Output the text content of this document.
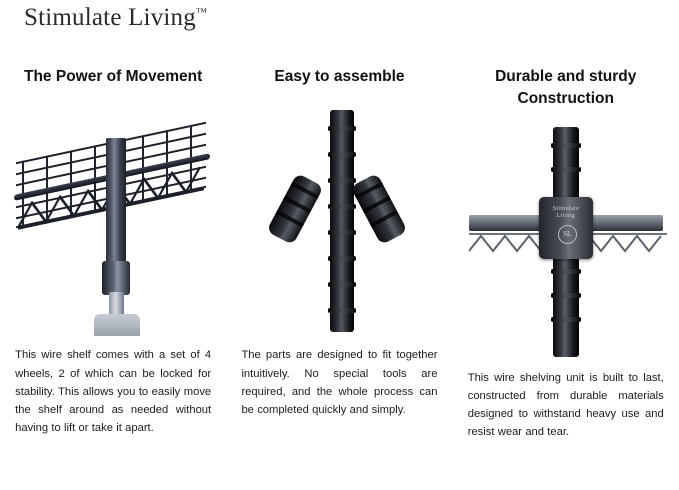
Stimulate Living™
The Power of Movement

This wire shelf comes with a set of 4 wheels, 2 of which can be locked for stability. This allows you to easily move the shelf around as needed without having to lift or take it apart.

Easy to assemble

The parts are designed to fit together intuitively. No special tools are required, and the whole process can be completed quickly and simply.

Durable and sturdy Construction
Stimulate
Living
SL

This wire shelving unit is built to last, constructed from durable materials designed to withstand heavy use and resist wear and tear.
